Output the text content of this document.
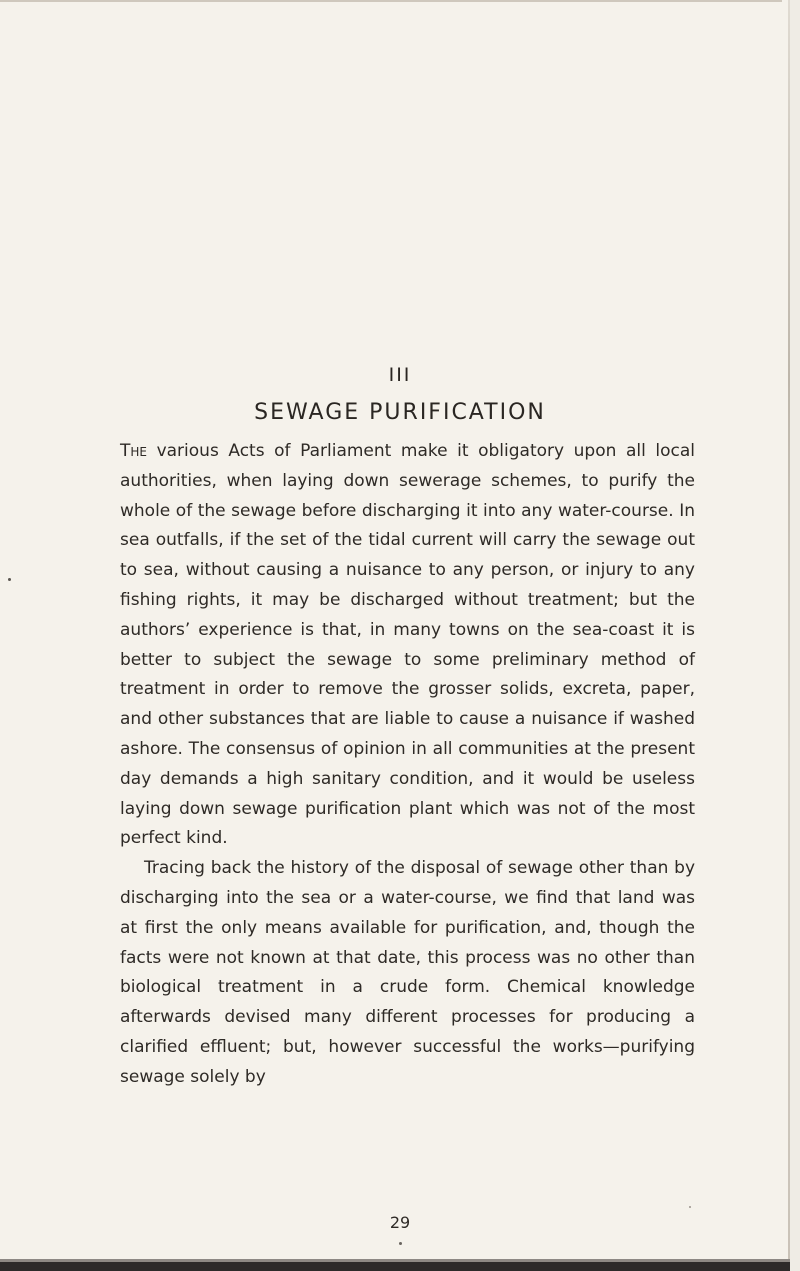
III
SEWAGE PURIFICATION

The various Acts of Parliament make it obligatory upon all local authorities, when laying down sewerage schemes, to purify the whole of the sewage before discharging it into any water-course. In sea outfalls, if the set of the tidal current will carry the sewage out to sea, without causing a nuisance to any person, or injury to any fishing rights, it may be discharged without treatment; but the authors’ experience is that, in many towns on the sea-coast it is better to subject the sewage to some preliminary method of treatment in order to remove the grosser solids, excreta, paper, and other substances that are liable to cause a nuisance if washed ashore. The consensus of opinion in all communities at the present day demands a high sanitary condition, and it would be useless laying down sewage purification plant which was not of the most perfect kind.

Tracing back the history of the disposal of sewage other than by discharging into the sea or a water-course, we find that land was at first the only means available for purification, and, though the facts were not known at that date, this process was no other than biological treatment in a crude form. Chemical knowledge afterwards devised many different processes for producing a clarified effluent; but, however successful the works—purifying sewage solely by

29
